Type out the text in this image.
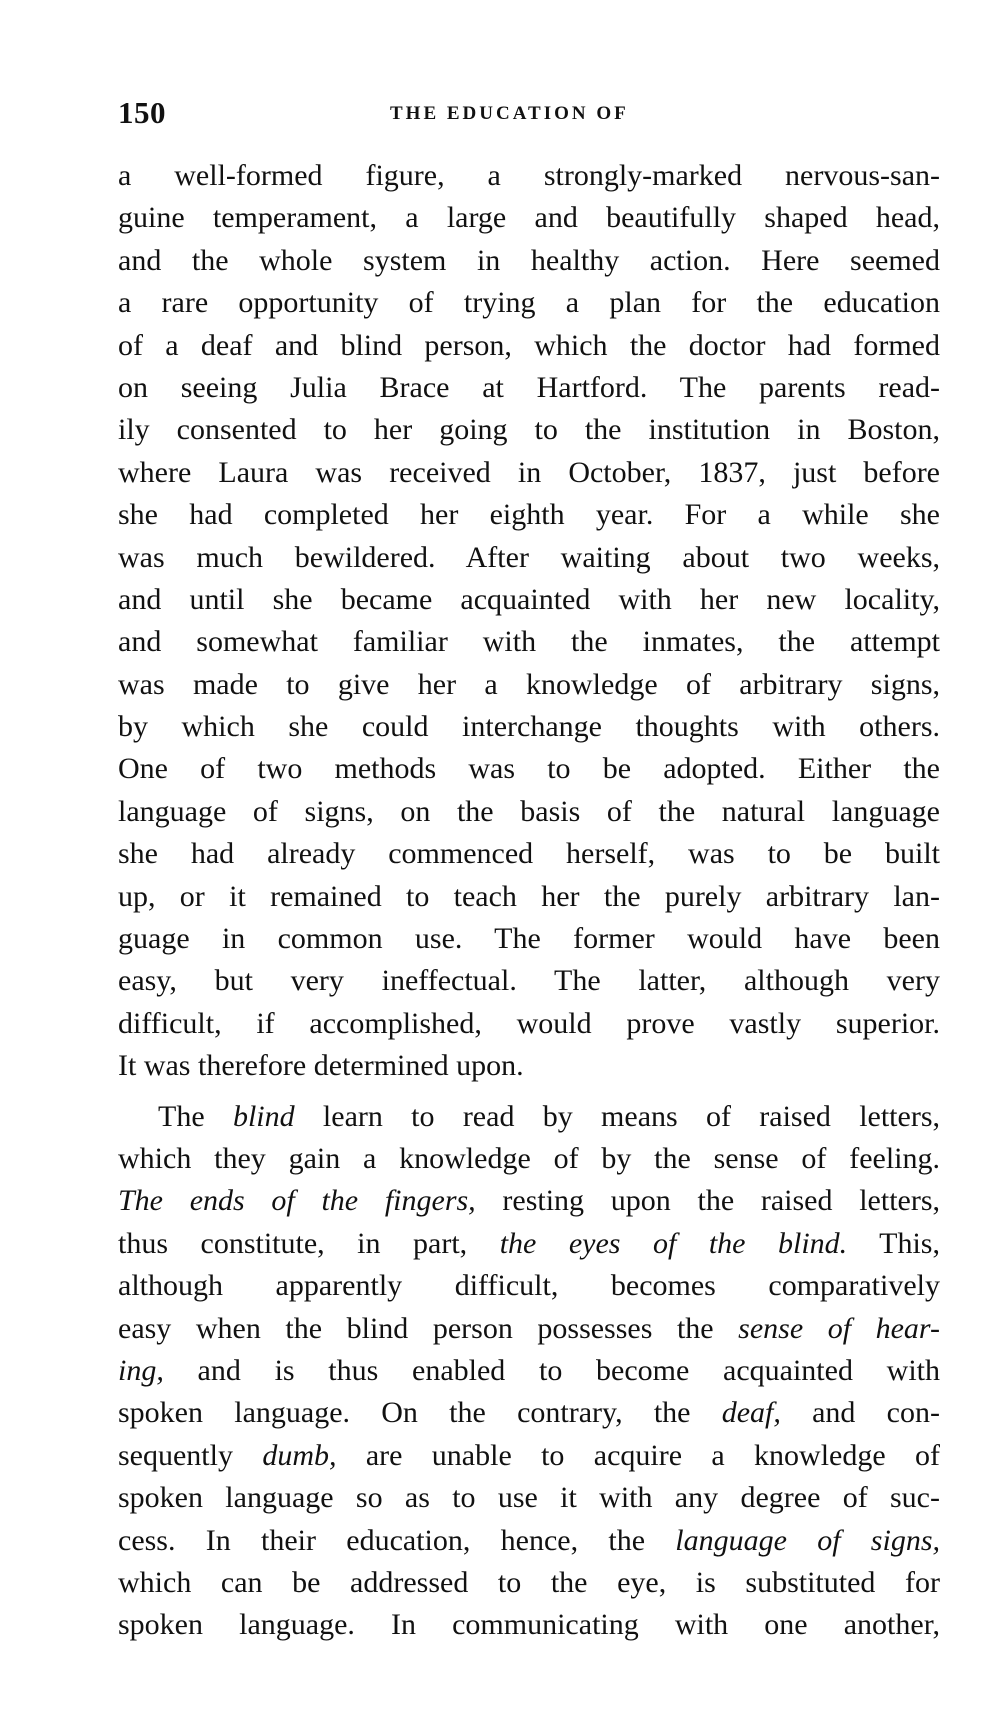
150	THE EDUCATION OF
a well-formed figure, a strongly-marked nervous-san-
guine temperament, a large and beautifully shaped head,
and the whole system in healthy action. Here seemed
a rare opportunity of trying a plan for the education
of a deaf and blind person, which the doctor had formed
on seeing Julia Brace at Hartford. The parents read-
ily consented to her going to the institution in Boston,
where Laura was received in October, 1837, just before
she had completed her eighth year. For a while she
was much bewildered. After waiting about two weeks,
and until she became acquainted with her new locality,
and somewhat familiar with the inmates, the attempt
was made to give her a knowledge of arbitrary signs,
by which she could interchange thoughts with others.
One of two methods was to be adopted. Either the
language of signs, on the basis of the natural language
she had already commenced herself, was to be built
up, or it remained to teach her the purely arbitrary lan-
guage in common use. The former would have been
easy, but very ineffectual. The latter, although very
difficult, if accomplished, would prove vastly superior.
It was therefore determined upon.
The blind learn to read by means of raised letters,
which they gain a knowledge of by the sense of feeling.
The ends of the fingers, resting upon the raised letters,
thus constitute, in part, the eyes of the blind. This,
although apparently difficult, becomes comparatively
easy when the blind person possesses the sense of hear-
ing, and is thus enabled to become acquainted with
spoken language. On the contrary, the deaf, and con-
sequently dumb, are unable to acquire a knowledge of
spoken language so as to use it with any degree of suc-
cess. In their education, hence, the language of signs,
which can be addressed to the eye, is substituted for
spoken language. In communicating with one another,
